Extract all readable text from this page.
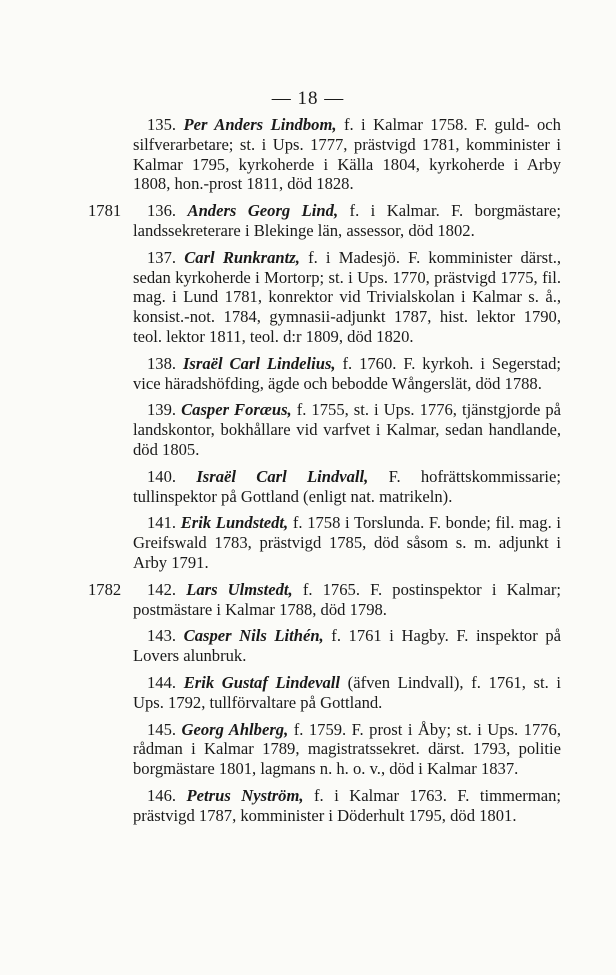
— 18 —

135. Per Anders Lindbom, f. i Kalmar 1758. F. guld- och silfverarbetare; st. i Ups. 1777, prästvigd 1781, komminister i Kalmar 1795, kyrkoherde i Källa 1804, kyrkoherde i Arby 1808, hon.-prost 1811, död 1828.

1781 136. Anders Georg Lind, f. i Kalmar. F. borgmästare; landssekreterare i Blekinge län, assessor, död 1802.

137. Carl Runkrantz, f. i Madesjö. F. komminister därst., sedan kyrkoherde i Mortorp; st. i Ups. 1770, prästvigd 1775, fil. mag. i Lund 1781, konrektor vid Trivialskolan i Kalmar s. å., konsist.-not. 1784, gymnasii-adjunkt 1787, hist. lektor 1790, teol. lektor 1811, teol. d:r 1809, död 1820.

138. Israël Carl Lindelius, f. 1760. F. kyrkoh. i Segerstad; vice häradshöfding, ägde och bebodde Wångerslät, död 1788.

139. Casper Foræus, f. 1755, st. i Ups. 1776, tjänstgjorde på landskontor, bokhållare vid varfvet i Kalmar, sedan handlande, död 1805.

140. Israël Carl Lindvall, F. hofrättskommissarie; tullinspektor på Gottland (enligt nat. matrikeln).

141. Erik Lundstedt, f. 1758 i Torslunda. F. bonde; fil. mag. i Greifswald 1783, prästvigd 1785, död såsom s. m. adjunkt i Arby 1791.

1782 142. Lars Ulmstedt, f. 1765. F. postinspektor i Kalmar; postmästare i Kalmar 1788, död 1798.

143. Casper Nils Lithén, f. 1761 i Hagby. F. inspektor på Lovers alunbruk.

144. Erik Gustaf Lindevall (äfven Lindvall), f. 1761, st. i Ups. 1792, tullförvaltare på Gottland.

145. Georg Ahlberg, f. 1759. F. prost i Åby; st. i Ups. 1776, rådman i Kalmar 1789, magistratssekret. därst. 1793, politie borgmästare 1801, lagmans n. h. o. v., död i Kalmar 1837.

146. Petrus Nyström, f. i Kalmar 1763. F. timmerman; prästvigd 1787, komminister i Döderhult 1795, död 1801.
